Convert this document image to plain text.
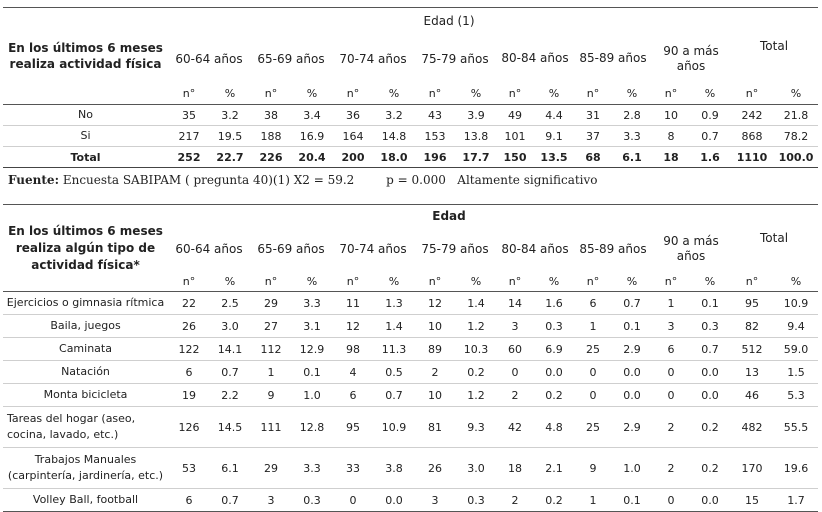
En los últimos 6 meses realiza actividad física	Edad (1)														Total	
	60-64 años		65-69 años		70-74 años		75-79 años		80-84 años		85-89 años		90 a más años			
	n°	%	n°	%	n°	%	n°	%	n°	%	n°	%	n°	%	n°	%
No	35	3.2	38	3.4	36	3.2	43	3.9	49	4.4	31	2.8	10	0.9	242	21.8
Si	217	19.5	188	16.9	164	14.8	153	13.8	101	9.1	37	3.3	8	0.7	868	78.2
Total	252	22.7	226	20.4	200	18.0	196	17.7	150	13.5	68	6.1	18	1.6	1110	100.0
Fuente: Encuesta SABIPAM ( pregunta 40)(1) X2 = 59.2	p = 0.000 Altamente significativo
En los últimos 6 meses realiza algún tipo de actividad física*	Edad														Total	
	60-64 años		65-69 años		70-74 años		75-79 años		80-84 años		85-89 años		90 a más años			
	n°	%	n°	%	n°	%	n°	%	n°	%	n°	%	n°	%	n°	%
Ejercicios o gimnasia rítmica	22	2.5	29	3.3	11	1.3	12	1.4	14	1.6	6	0.7	1	0.1	95	10.9
Baila, juegos	26	3.0	27	3.1	12	1.4	10	1.2	3	0.3	1	0.1	3	0.3	82	9.4
Caminata	122	14.1	112	12.9	98	11.3	89	10.3	60	6.9	25	2.9	6	0.7	512	59.0
Natación	6	0.7	1	0.1	4	0.5	2	0.2	0	0.0	0	0.0	0	0.0	13	1.5
Monta bicicleta	19	2.2	9	1.0	6	0.7	10	1.2	2	0.2	0	0.0	0	0.0	46	5.3
Tareas del hogar (aseo, cocina, lavado, etc.)	126	14.5	111	12.8	95	10.9	81	9.3	42	4.8	25	2.9	2	0.2	482	55.5
Trabajos Manuales (carpintería, jardinería, etc.)	53	6.1	29	3.3	33	3.8	26	3.0	18	2.1	9	1.0	2	0.2	170	19.6
Volley Ball, football	6	0.7	3	0.3	0	0.0	3	0.3	2	0.2	1	0.1	0	0.0	15	1.7
